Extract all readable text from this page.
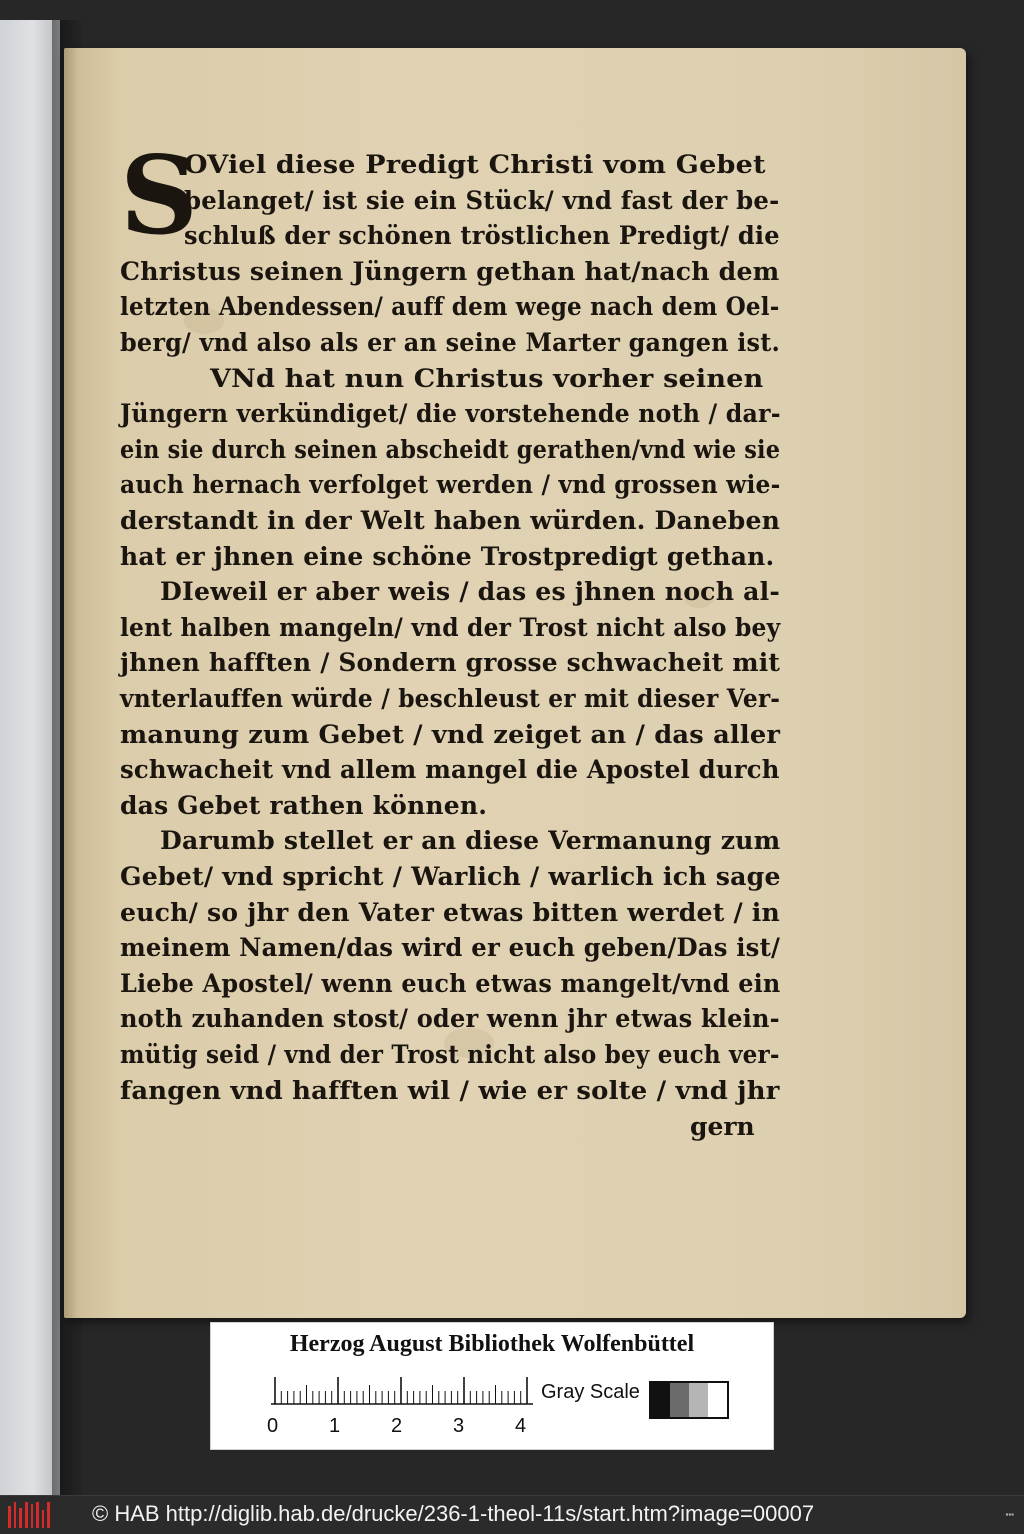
S
OViel diese Predigt Christi vom Gebet
belanget/ ist sie ein Stück/ vnd fast der be-
schluß der schönen tröstlichen Predigt/ die
Christus seinen Jüngern gethan hat/nach dem
letzten Abendessen/ auff dem wege nach dem Oel-
berg/ vnd also als er an seine Marter gangen ist.
VNd hat nun Christus vorher seinen
Jüngern verkündiget/ die vorstehende noth / dar-
ein sie durch seinen abscheidt gerathen/vnd wie sie
auch hernach verfolget werden / vnd grossen wie-
derstandt in der Welt haben würden. Daneben
hat er jhnen eine schöne Trostpredigt gethan.
DIeweil er aber weis / das es jhnen noch al-
lent halben mangeln/ vnd der Trost nicht also bey
jhnen hafften / Sondern grosse schwacheit mit
vnterlauffen würde / beschleust er mit dieser Ver-
manung zum Gebet / vnd zeiget an / das aller
schwacheit vnd allem mangel die Apostel durch
das Gebet rathen können.
Darumb stellet er an diese Vermanung zum
Gebet/ vnd spricht / Warlich / warlich ich sage
euch/ so jhr den Vater etwas bitten werdet / in
meinem Namen/das wird er euch geben/Das ist/
Liebe Apostel/ wenn euch etwas mangelt/vnd ein
noth zuhanden stost/ oder wenn jhr etwas klein-
mütig seid / vnd der Trost nicht also bey euch ver-
fangen vnd hafften wil / wie er solte / vnd jhr
gern
Herzog August Bibliothek Wolfenbüttel
0	1	2	3	4
Gray Scale
© HAB http://diglib.hab.de/drucke/236-1-theol-11s/start.htm?image=00007	▪▪▪
